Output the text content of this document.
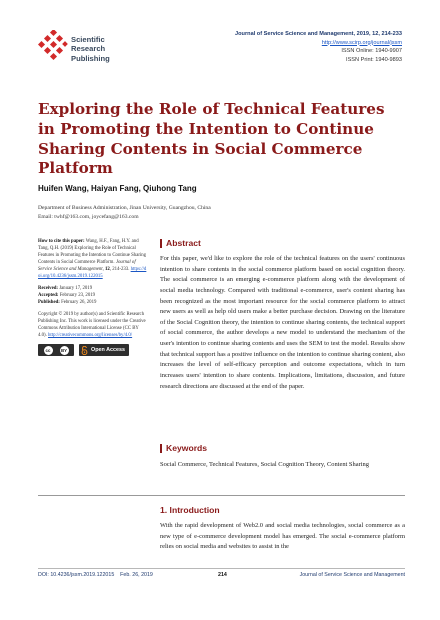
Scientific
Research
Publishing
Journal of Service Science and Management, 2019, 12, 214-233
http://www.scirp.org/journal/jssm
ISSN Online: 1940-9907
ISSN Print: 1940-9893
Exploring the Role of Technical Features in Promoting the Intention to Continue Sharing Contents in Social Commerce Platform
Huifen Wang, Haiyan Fang, Qiuhong Tang
Department of Business Administration, Jinan University, Guangzhou, China
Email: twhf@163.com, joycefang@163.com

How to cite this paper: Wang, H.F., Fang, H.Y. and Tang, Q.H. (2019) Exploring the Role of Technical Features in Promoting the Intention to Continue Sharing Contents in Social Commerce Platform. Journal of Service Science and Management, 12, 214-233. https://doi.org/10.4236/jssm.2019.122015

Received: January 17, 2019
Accepted: February 23, 2019
Published: February 26, 2019

Copyright © 2019 by author(s) and Scientific Research Publishing Inc. This work is licensed under the Creative Commons Attribution International License (CC BY 4.0). http://creativecommons.org/licenses/by/4.0/

cc	BY	Open Access
Abstract
For this paper, we'd like to explore the role of the technical features on the users' continuous intention to share contents in the social commerce platform based on social cognition theory. The social commerce is an emerging e-commerce platform along with the development of social media technology. Compared with traditional e-commerce, user's content sharing has been recognized as the most important resource for the social commerce platform to attract new users as well as help old users make a better purchase decision. Drawing on the literature of the Social Cognition theory, the intention to continue sharing contents, the technical support of social commerce, the author develops a new model to understand the mechanism of the user's intention to continue sharing contents and uses the SEM to test the model. Results show that technical support has a positive influence on the intention to continue sharing content, also increases the level of self-efficacy perception and outcome expectations, which in turn increases users' intention to share contents. Implications, limitations, discussion, and future research directions are discussed at the end of the paper.
Keywords
Social Commerce, Technical Features, Social Cognition Theory, Content Sharing
1. Introduction
With the rapid development of Web2.0 and social media technologies, social commerce as a new type of e-commerce development model has emerged. The social e-commerce platform relies on social media and websites to assist in the
DOI: 10.4236/jssm.2019.122015 Feb. 26, 2019	214	Journal of Service Science and Management
